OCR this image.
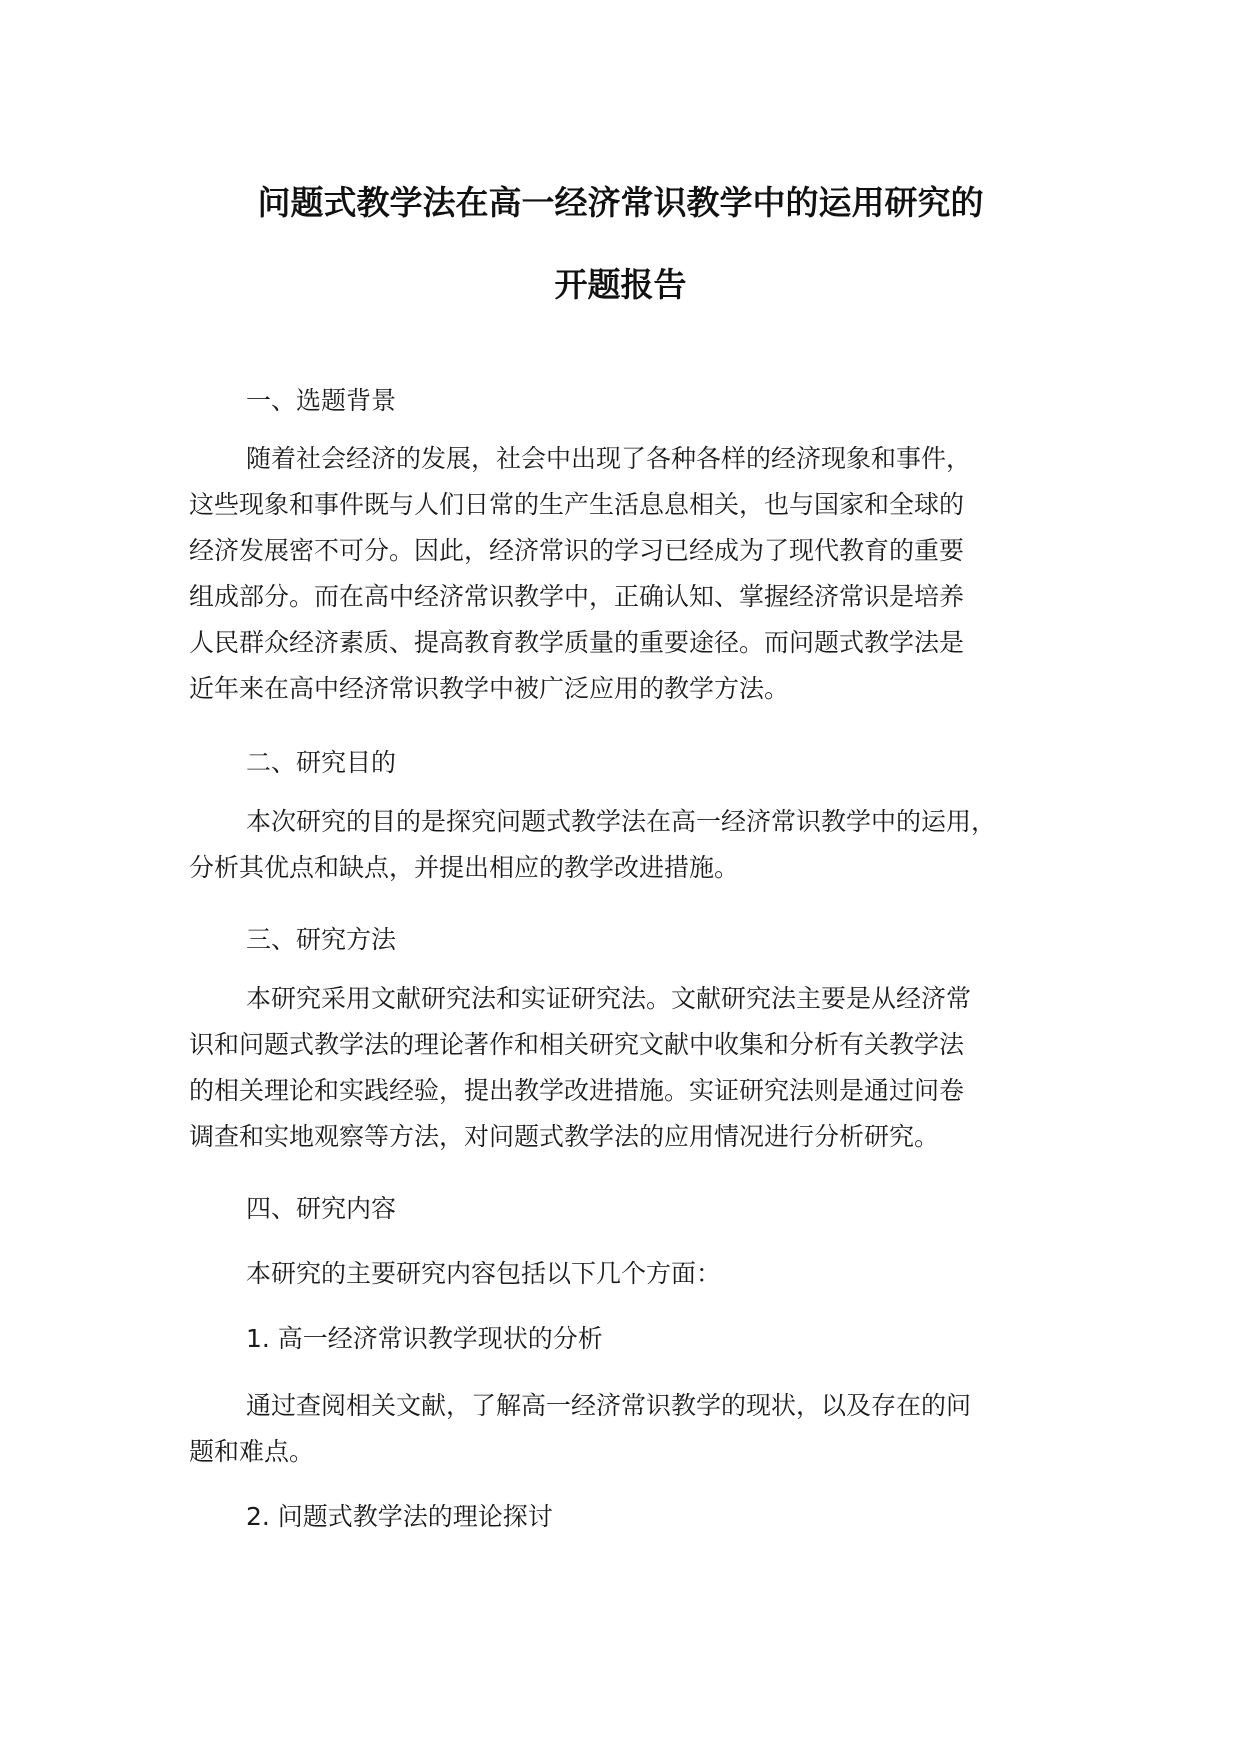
问题式教学法在高一经济常识教学中的运用研究的
开题报告
一、选题背景
随着社会经济的发展，社会中出现了各种各样的经济现象和事件，
这些现象和事件既与人们日常的生产生活息息相关，也与国家和全球的
经济发展密不可分。因此，经济常识的学习已经成为了现代教育的重要
组成部分。而在高中经济常识教学中，正确认知、掌握经济常识是培养
人民群众经济素质、提高教育教学质量的重要途径。而问题式教学法是
近年来在高中经济常识教学中被广泛应用的教学方法。
二、研究目的
本次研究的目的是探究问题式教学法在高一经济常识教学中的运用，
分析其优点和缺点，并提出相应的教学改进措施。
三、研究方法
本研究采用文献研究法和实证研究法。文献研究法主要是从经济常
识和问题式教学法的理论著作和相关研究文献中收集和分析有关教学法
的相关理论和实践经验，提出教学改进措施。实证研究法则是通过问卷
调查和实地观察等方法，对问题式教学法的应用情况进行分析研究。
四、研究内容
本研究的主要研究内容包括以下几个方面：
1. 高一经济常识教学现状的分析
通过查阅相关文献，了解高一经济常识教学的现状，以及存在的问
题和难点。
2. 问题式教学法的理论探讨
